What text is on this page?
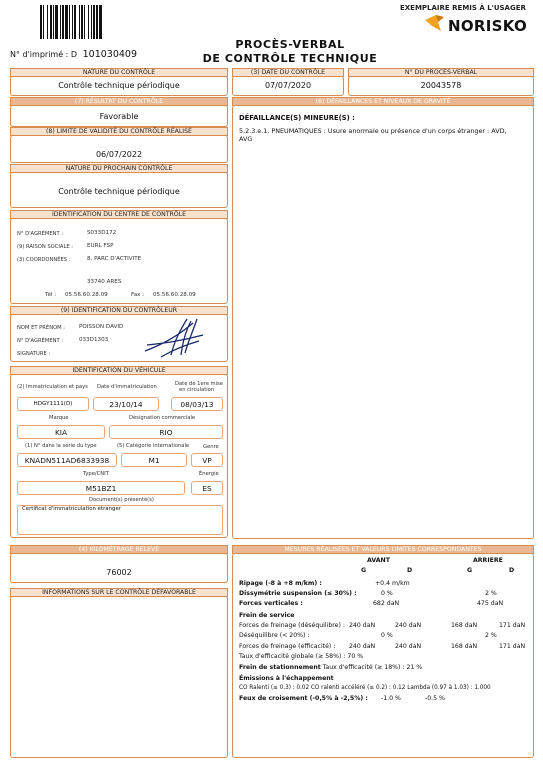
EXEMPLAIRE REMIS À L'USAGER
NORISKO
N° d'imprimé : D 101030409
PROCÈS-VERBAL
DE CONTRÔLE TECHNIQUE
NATURE DU CONTRÔLE
Contrôle technique périodique
(3) DATE DU CONTRÔLE
07/07/2020
N° DU PROCÈS-VERBAL
20043578
(7) RÉSULTAT DU CONTRÔLE
Favorable
(8) LIMITE DE VALIDITÉ DU CONTRÔLE RÉALISÉ
06/07/2022
NATURE DU PROCHAIN CONTRÔLE
Contrôle technique périodique
IDENTIFICATION DU CENTRE DE CONTRÔLE
N° D'AGRÉMENT :	S033D172
(9) RAISON SOCIALE : EURL FSP
(3) COORDONNÉES :	8, PARC D'ACTIVITE
33740 ARES
Tél : 05.56.60.28.09	Fax : 05.56.60.28.09
(9) IDENTIFICATION DU CONTRÔLEUR
NOM ET PRÉNOM : POISSON DAVID
N° D'AGRÉMENT :	033D1303
SIGNATURE :
IDENTIFICATION DU VÉHICULE
(2) Immatriculation et pays Date d'immatriculation	Date de 1ere mise
en circulation
HDGY1111(D)	23/10/14	08/03/13
Marque	Désignation commerciale
KIA	RIO
(1) N° dans la série du type	(5) Catégorie internationale	Genre
KNADN511AD6833938	M1	VP
Type/CNIT	Énergie
M51BZ1	ES
Document(s) présenté(s)
Certificat d'immatriculation étranger
(4) KILOMÉTRAGE RELEVÉ
76002
INFORMATIONS SUR LE CONTRÔLE DÉFAVORABLE
(6) DÉFAILLANCES ET NIVEAUX DE GRAVITÉ
DÉFAILLANCE(S) MINEURE(S) :
5.2.3.e.1. PNEUMATIQUES : Usure anormale ou présence d'un corps étranger : AVD,
AVG
MESURES RÉALISÉES ET VALEURS LIMITES CORRESPONDANTES
AVANT	ARRIERE
G	D	G	D
Ripage (-8 à +8 m/km) :	+0.4 m/km
Dissymétrie suspension (≤ 30%) :	0 %	2 %
Forces verticales :	682 daN	475 daN
Frein de service
Forces de freinage (déséquilibre) : 240 daN	240 daN	168 daN	171 daN
Déséquilibre (< 20%) :	0 %	2 %
Forces de freinage (efficacité) : 240 daN	240 daN	168 daN	171 daN
Taux d'efficacité globale (≥ 58%) : 70 %
Frein de stationnement Taux d'efficacité (≥ 18%) : 21 %
Émissions à l'échappement
CO Ralenti (≤ 0.3) : 0.02 CO ralenti accéléré (≤ 0.2) : 0.12 Lambda (0.97 à 1.03) : 1.000
Feux de croisement (-0,5% à -2,5%) : -1.0 %	-0.5 %
